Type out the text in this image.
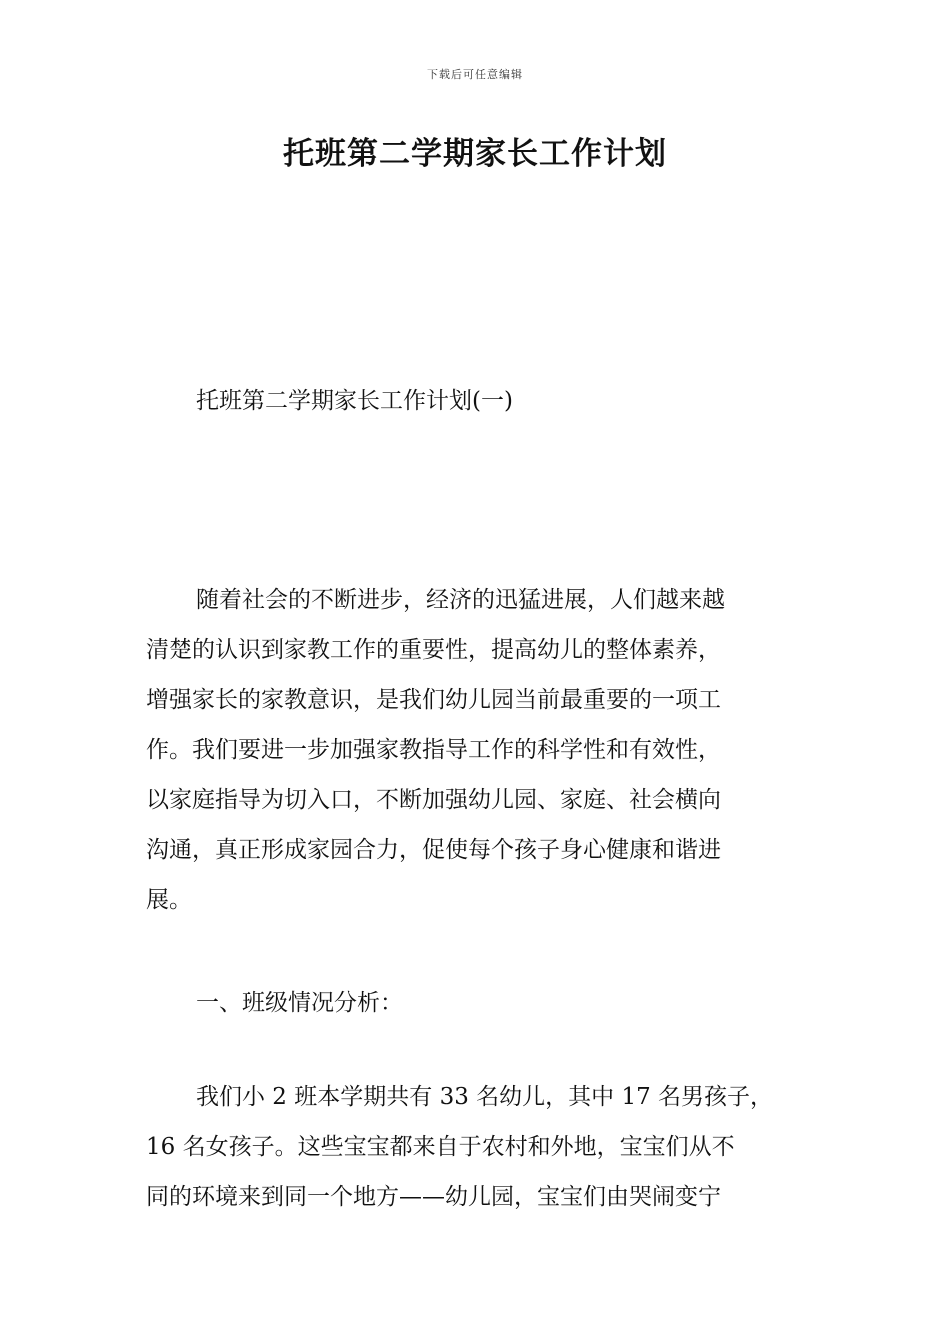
下载后可任意编辑
托班第二学期家长工作计划
托班第二学期家长工作计划(一)
随着社会的不断进步，经济的迅猛进展，人们越来越
清楚的认识到家教工作的重要性，提高幼儿的整体素养，
增强家长的家教意识，是我们幼儿园当前最重要的一项工
作。我们要进一步加强家教指导工作的科学性和有效性，
以家庭指导为切入口，不断加强幼儿园、家庭、社会横向
沟通，真正形成家园合力，促使每个孩子身心健康和谐进
展。
一、班级情况分析：
我们小 2 班本学期共有 33 名幼儿，其中 17 名男孩子，
16 名女孩子。这些宝宝都来自于农村和外地，宝宝们从不
同的环境来到同一个地方——幼儿园，宝宝们由哭闹变宁
